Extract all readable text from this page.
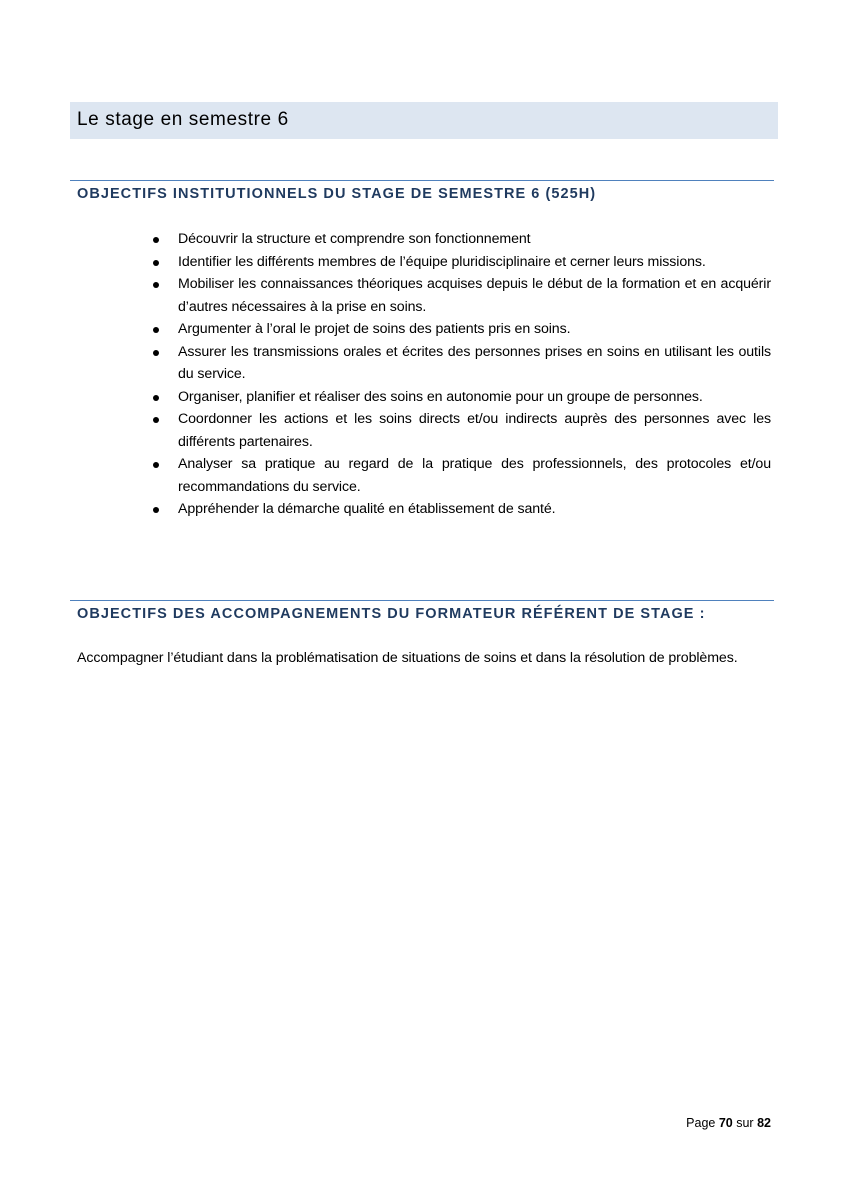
Le stage en semestre 6
OBJECTIFS INSTITUTIONNELS DU STAGE DE SEMESTRE 6 (525H)
Découvrir la structure et comprendre son fonctionnement
Identifier les différents membres de l’équipe pluridisciplinaire et cerner leurs missions.
Mobiliser les connaissances théoriques acquises depuis le début de la formation et en acquérir d’autres nécessaires à la prise en soins.
Argumenter à l’oral le projet de soins des patients pris en soins.
Assurer les transmissions orales et écrites des personnes prises en soins en utilisant les outils du service.
Organiser, planifier et réaliser des soins en autonomie pour un groupe de personnes.
Coordonner les actions et les soins directs et/ou indirects auprès des personnes avec les différents partenaires.
Analyser sa pratique au regard de la pratique des professionnels, des protocoles et/ou recommandations du service.
Appréhender la démarche qualité en établissement de santé.
OBJECTIFS DES ACCOMPAGNEMENTS DU FORMATEUR RÉFÉRENT DE STAGE :
Accompagner l’étudiant dans la problématisation de situations de soins et dans la résolution de problèmes.
Page 70 sur 82
